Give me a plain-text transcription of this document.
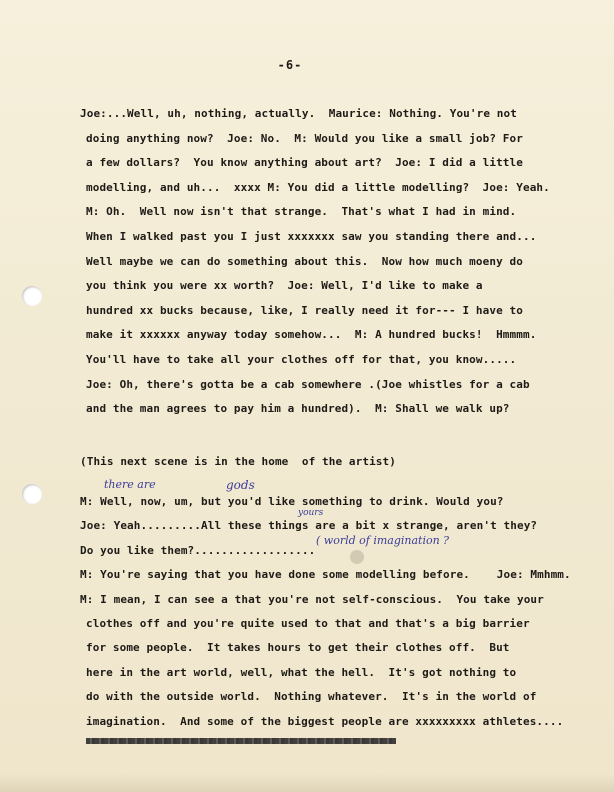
-6-
Joe:...Well, uh, nothing, actually.  Maurice: Nothing. You're not
doing anything now?  Joe: No.  M: Would you like a small job? For
a few dollars?  You know anything about art?  Joe: I did a little
modelling, and uh...  xxxx M: You did a little modelling?  Joe: Yeah.
M: Oh.  Well now isn't that strange.  That's what I had in mind.
When I walked past you I just xxxxxxx saw you standing there and...
Well maybe we can do something about this.  Now how much moeny do
you think you were xx worth?  Joe: Well, I'd like to make a
hundred xx bucks because, like, I really need it for--- I have to
make it xxxxxx anyway today somehow...  M: A hundred bucks!  Hmmmm.
You'll have to take all your clothes off for that, you know.....
Joe: Oh, there's gotta be a cab somewhere .(Joe whistles for a cab
and the man agrees to pay him a hundred).  M: Shall we walk up?
(This next scene is in the home  of the artist)
M: Well, now, um, but you'd like something to drink. Would you?
Joe: Yeah.........All these things are a bit x strange, aren't they?
Do you like them?..................
M: You're saying that you have done some modelling before.    Joe: Mmhmm.
M: I mean, I can see a that you're not self-conscious.  You take your
clothes off and you're quite used to that and that's a big barrier
for some people.  It takes hours to get their clothes off.  But
here in the art world, well, what the hell.  It's got nothing to
do with the outside world.  Nothing whatever.  It's in the world of
imagination.  And some of the biggest people are xxxxxxxxx athletes....
there are	gods
yours
( world of imagination ?
